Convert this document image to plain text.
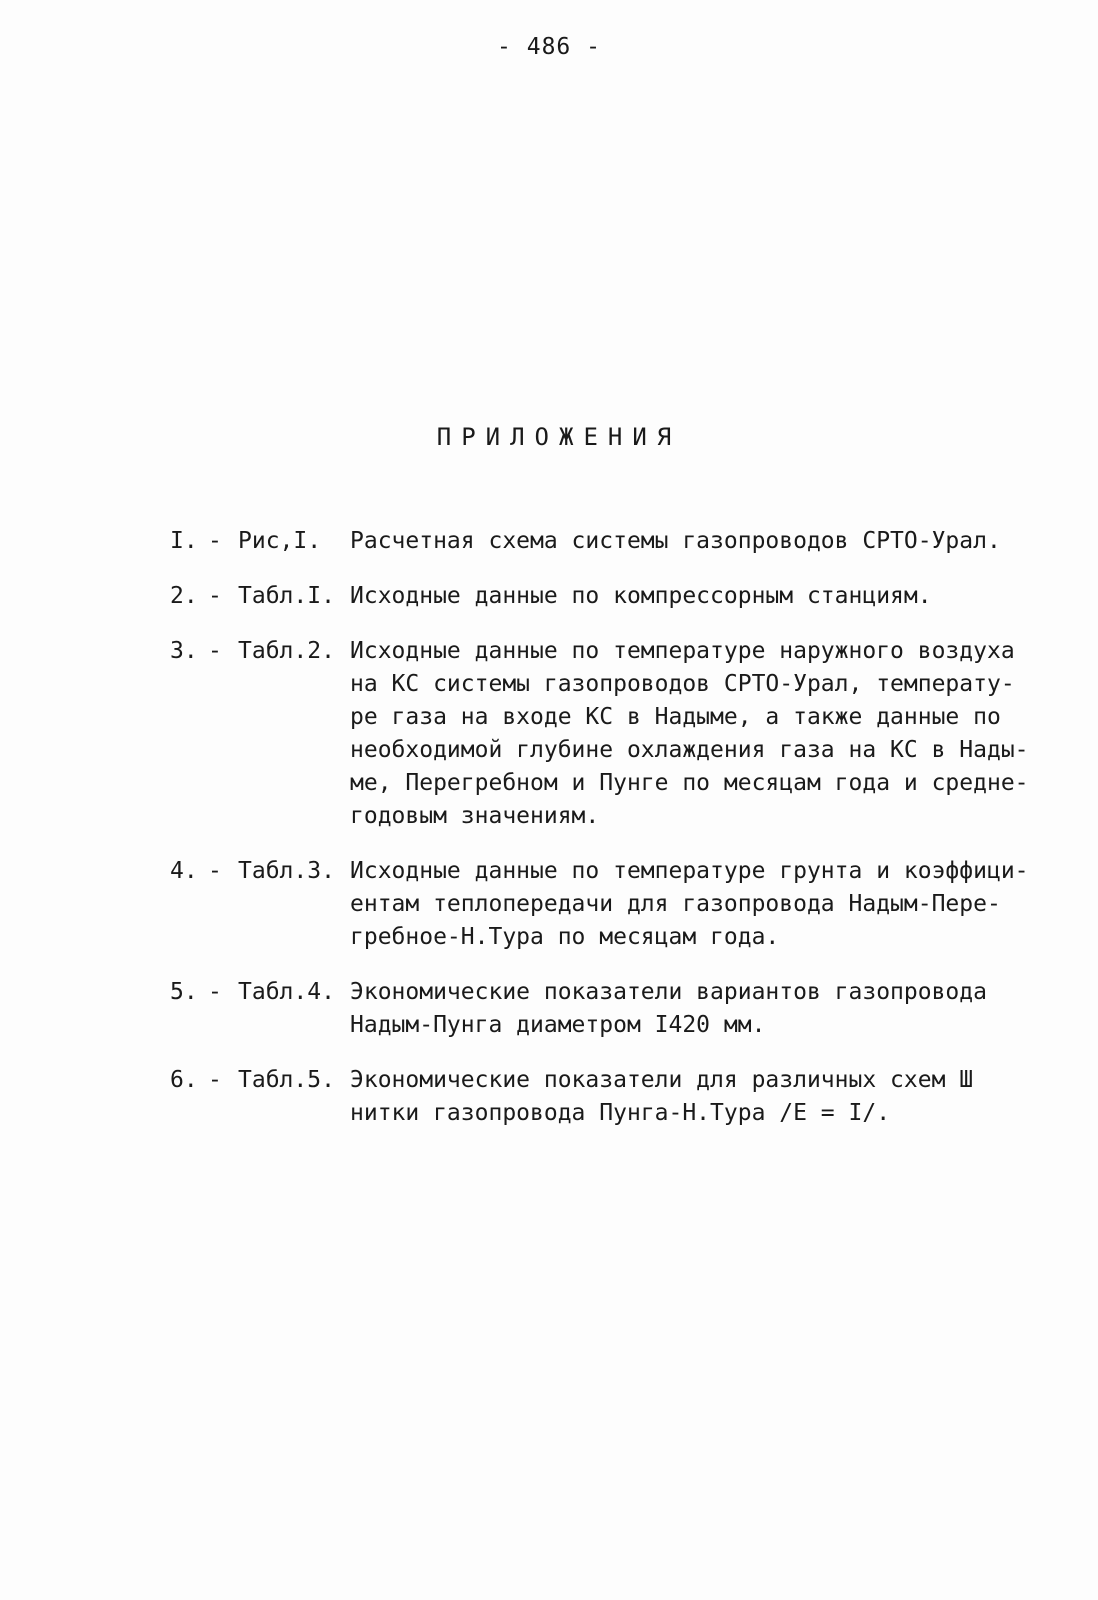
- 486 -
ПРИЛОЖЕНИЯ
I. - Рис,I.	Расчетная схема системы газопроводов СРТО-Урал.
2. - Табл.I. Исходные данные по компрессорным станциям.
3. - Табл.2. Исходные данные по температуре наружного воздуха
на КС системы газопроводов СРТО-Урал, температу-
ре газа на входе КС в Надыме, а также данные по
необходимой глубине охлаждения газа на КС в Нады-
ме, Перегребном и Пунге по месяцам года и средне-
годовым значениям.
4. - Табл.3. Исходные данные по температуре грунта и коэффици-
ентам теплопередачи для газопровода Надым-Пере-
гребное-Н.Тура по месяцам года.
5. - Табл.4. Экономические показатели вариантов газопровода
Надым-Пунга диаметром I420 мм.
6. - Табл.5. Экономические показатели для различных схем Ш
нитки газопровода Пунга-Н.Тура /Е = I/.
